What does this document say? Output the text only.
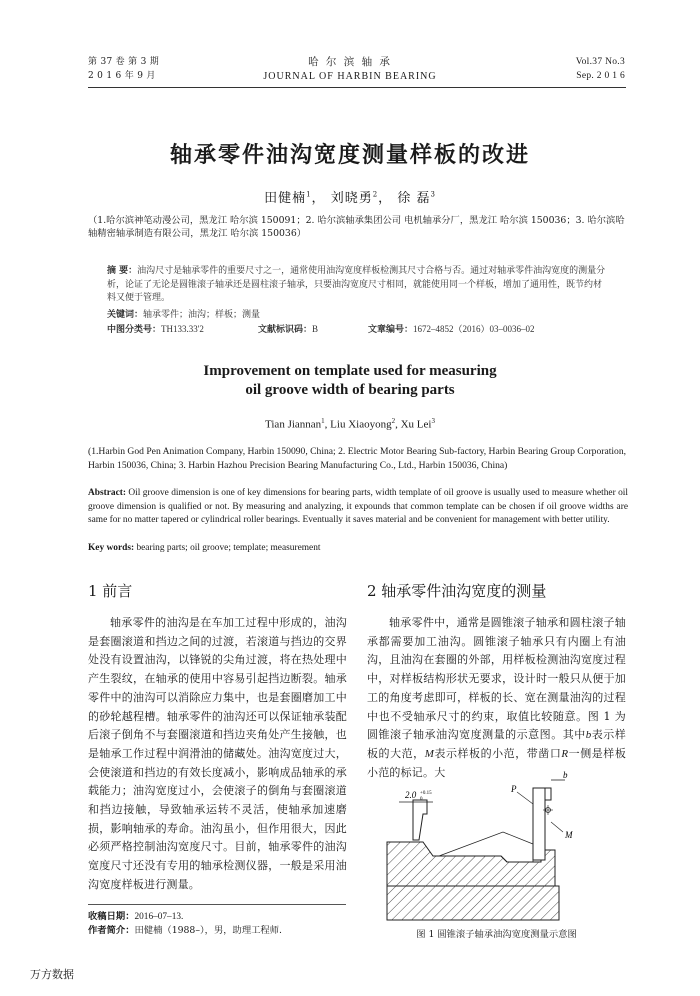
第 37 卷 第 3 期
2 0 1 6 年 9 月
哈 尔 滨 轴 承
JOURNAL OF HARBIN BEARING
Vol.37 No.3
Sep. 2 0 1 6
轴承零件油沟宽度测量样板的改进
田健楠$^1$， 刘晓勇$^2$， 徐 磊$^3$
（1.哈尔滨神笔动漫公司，黑龙江 哈尔滨 150091；2. 哈尔滨轴承集团公司 电机轴承分厂，黑龙江 哈尔滨 150036；3. 哈尔滨哈轴精密轴承制造有限公司，黑龙江 哈尔滨 150036）
摘 要：油沟尺寸是轴承零件的重要尺寸之一，通常使用油沟宽度样板检测其尺寸合格与否。通过对轴承零件油沟宽度的测量分析，论证了无论是圆锥滚子轴承还是圆柱滚子轴承，只要油沟宽度尺寸相同，就能使用同一个样板，增加了通用性，既节约材料又便于管理。
关键词：轴承零件；油沟；样板；测量
中图分类号：TH133.33'2	文献标识码：B	文章编号：1672–4852（2016）03–0036–02
Improvement on template used for measuring
oil groove width of bearing parts
Tian Jiannan$^1$, Liu Xiaoyong$^2$, Xu Lei$^3$
(1.Harbin God Pen Animation Company, Harbin 150090, China; 2. Electric Motor Bearing Sub-factory, Harbin Bearing Group Corporation, Harbin 150036, China; 3. Harbin Hazhou Precision Bearing Manufacturing Co., Ltd., Harbin 150036, China)
Abstract: Oil groove dimension is one of key dimensions for bearing parts, width template of oil groove is usually used to measure whether oil groove dimension is qualified or not. By measuring and analyzing, it expounds that common template can be chosen if oil groove widths are same for no matter tapered or cylindrical roller bearings. Eventually it saves material and be convenient for management with better utility.
Key words: bearing parts; oil groove; template; measurement
1 前言
轴承零件的油沟是在车加工过程中形成的，油沟是套圈滚道和挡边之间的过渡，若滚道与挡边的交界处没有设置油沟，以锋锐的尖角过渡，将在热处理中产生裂纹，在轴承的使用中容易引起挡边断裂。轴承零件中的油沟可以消除应力集中，也是套圈磨加工中的砂轮越程槽。轴承零件的油沟还可以保证轴承装配后滚子倒角不与套圈滚道和挡边夹角处产生接触，也是轴承工作过程中润滑油的储藏处。油沟宽度过大，会使滚道和挡边的有效长度减小，影响成品轴承的承载能力；油沟宽度过小，会使滚子的倒角与套圈滚道和挡边接触，导致轴承运转不灵活，使轴承加速磨损，影响轴承的寿命。油沟虽小，但作用很大，因此必须严格控制油沟宽度尺寸。目前，轴承零件的油沟宽度尺寸还没有专用的轴承检测仪器，一般是采用油沟宽度样板进行测量。
收稿日期：2016–07–13.
作者简介：田健楠（1988–），男，助理工程师.
2 轴承零件油沟宽度的测量
轴承零件中，通常是圆锥滚子轴承和圆柱滚子轴承都需要加工油沟。圆锥滚子轴承只有内圈上有油沟，且油沟在套圈的外部，用样板检测油沟宽度过程中，对样板结构形状无要求，设计时一般只从便于加工的角度考虑即可，样板的长、宽在测量油沟的过程中也不受轴承尺寸的约束，取值比较随意。图 1 为圆锥滚子轴承油沟宽度测量的示意图。其中b表示样板的大范，M表示样板的小范，带凿口R一侧是样板小范的标记。大
2.0 +0.15
0
b
P
M
图 1 圆锥滚子轴承油沟宽度测量示意图
万方数据
